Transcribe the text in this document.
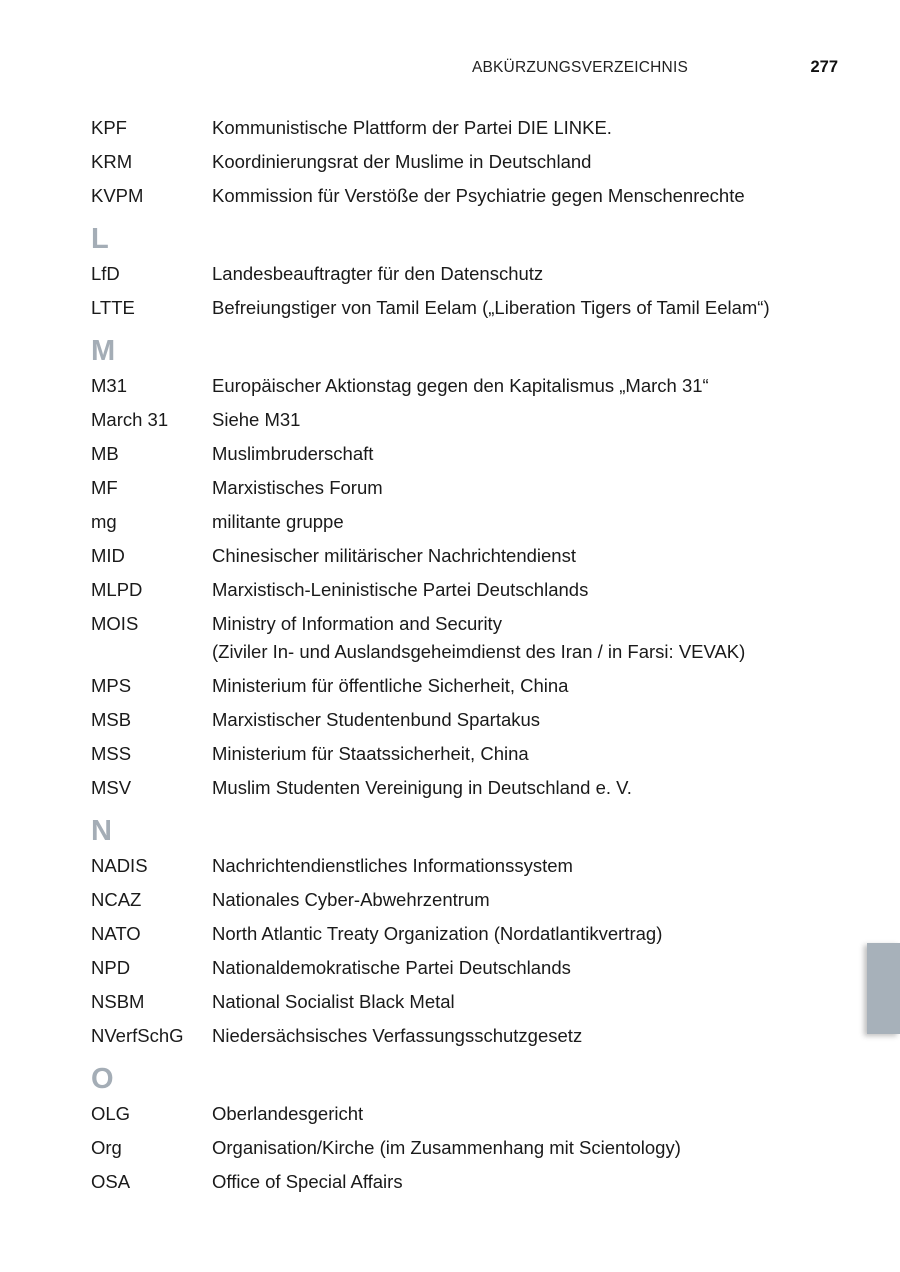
ABKÜRZUNGSVERZEICHNIS	277
KPF	Kommunistische Plattform der Partei DIE LINKE.
KRM	Koordinierungsrat der Muslime in Deutschland
KVPM	Kommission für Verstöße der Psychiatrie gegen Menschenrechte
L
LfD	Landesbeauftragter für den Datenschutz
LTTE	Befreiungstiger von Tamil Eelam („Liberation Tigers of Tamil Eelam“)
M
M31	Europäischer Aktionstag gegen den Kapitalismus „March 31“
March 31	Siehe M31
MB	Muslimbruderschaft
MF	Marxistisches Forum
mg	militante gruppe
MID	Chinesischer militärischer Nachrichtendienst
MLPD	Marxistisch-Leninistische Partei Deutschlands
MOIS	Ministry of Information and Security
(Ziviler In- und Auslandsgeheimdienst des Iran / in Farsi: VEVAK)
MPS	Ministerium für öffentliche Sicherheit, China
MSB	Marxistischer Studentenbund Spartakus
MSS	Ministerium für Staatssicherheit, China
MSV	Muslim Studenten Vereinigung in Deutschland e. V.
N
NADIS	Nachrichtendienstliches Informationssystem
NCAZ	Nationales Cyber-Abwehrzentrum
NATO	North Atlantic Treaty Organization (Nordatlantikvertrag)
NPD	Nationaldemokratische Partei Deutschlands
NSBM	National Socialist Black Metal
NVerfSchG	Niedersächsisches Verfassungsschutzgesetz
O
OLG	Oberlandesgericht
Org	Organisation/Kirche (im Zusammenhang mit Scientology)
OSA	Office of Special Affairs
